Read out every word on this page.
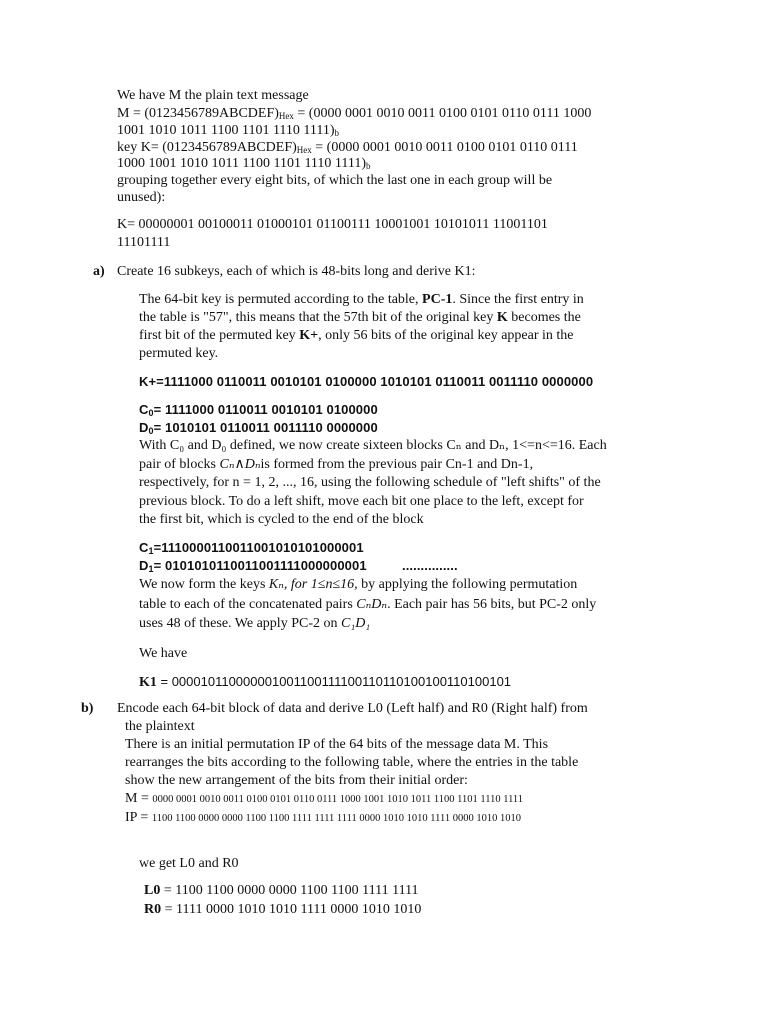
We have M the plain text message
$M = (0123456789ABCDEF)_{Hex} = (0000$ 0001 0010 0011 0100 0101 0110 0111 1000
1001 1010 1011 1100 1101 1110 $1111)_b$
key $K= (0123456789ABCDEF)_{Hex} = (0000$ 0001 0010 0011 0100 0101 0110 0111
1000 1001 1010 1011 1100 1101 1110 $1111)_b$
grouping together every eight bits, of which the last one in each group will be
unused):
K= 00000001 00100011 01000101 01100111 10001001 10101011 11001101
11101111
a) Create 16 subkeys, each of which is 48-bits long and derive K1:
The 64-bit key is permuted according to the table, PC-1. Since the first entry in
the table is "57", this means that the 57th bit of the original key K becomes the
first bit of the permuted key K+, only 56 bits of the original key appear in the
permuted key.
K+=1111000 0110011 0010101 0100000 1010101 0110011 0011110 0000000
$C_0= 1111000$ 0110011 0010101 0100000
$D_0= 1010101$ 0110011 0011110 0000000
With C₀ and D₀ defined, we now create sixteen blocks Cₙ and Dₙ, 1<=n<=16. Each
pair of blocks Cₙ∧Dₙis formed from the previous pair Cn-1 and Dn-1,
respectively, for n = 1, 2, ..., 16, using the following schedule of "left shifts" of the
previous block. To do a left shift, move each bit one place to the left, except for
the first bit, which is cycled to the end of the block
$C_1=1110000110011001010101000001$
$D_1= 0101010110011001111000000001$	...............
We now form the keys Kₙ, for 1≤n≤16, by applying the following permutation
table to each of the concatenated pairs CₙDₙ. Each pair has 56 bits, but PC-2 only
uses 48 of these. We apply PC-2 on C₁D₁
We have
K1 = 000010110000001001100111100110110100100110100101
b) Encode each 64-bit block of data and derive L0 (Left half) and R0 (Right half) from
the plaintext
There is an initial permutation IP of the 64 bits of the message data M. This
rearranges the bits according to the following table, where the entries in the table
show the new arrangement of the bits from their initial order:
M = 0000 0001 0010 0011 0100 0101 0110 0111 1000 1001 1010 1011 1100 1101 1110 1111
IP = 1100 1100 0000 0000 1100 1100 1111 1111 1111 0000 1010 1010 1111 0000 1010 1010
we get L0 and R0
L0 = 1100 1100 0000 0000 1100 1100 1111 1111
R0 = 1111 0000 1010 1010 1111 0000 1010 1010
